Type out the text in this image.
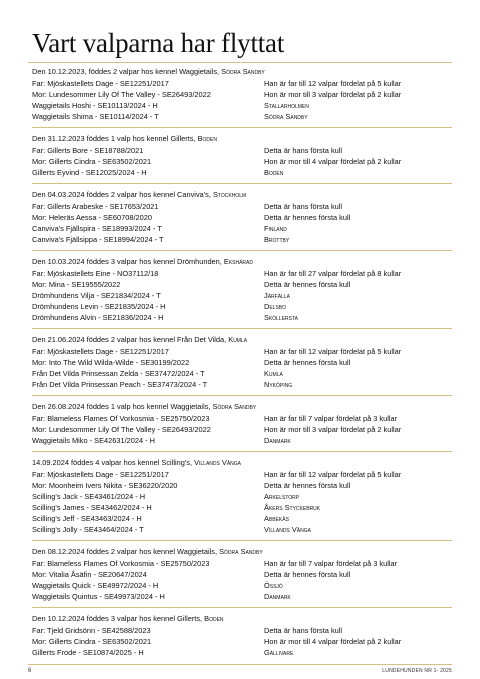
Vart valparna har flyttat
Den 10.12.2023, föddes 2 valpar hos kennel Waggietails, Södra Sandby
Far: Mjöskastellets Dage - SE12251/2017	Han är far till 12 valpar fördelat på 5 kullar
Mor: Lundesommer Lily Of The Valley - SE26493/2022	Hon är mor till 3 valpar fördelat på 2 kullar
Waggietails Hoshi - SE10113/2024 - H	Stallarholmen
Waggietails Shima - SE10114/2024 - T	Södra Sandby
Den 31.12.2023 föddes 1 valp hos kennel Gillerts, Boden
Far: Gillerts Bore - SE18788/2021	Detta är hans första kull
Mor: Gillerts Cindra - SE63502/2021	Hon är mor till 4 valpar fördelat på 2 kullar
Gillerts Eyvind - SE12025/2024 - H	Boden
Den 04.03.2024 föddes 2 valpar hos kennel Canviva's, Stockholm
Far: Gillerts Arabeske - SE17653/2021	Detta är hans första kull
Mor: Heleräs Aessa - SE60708/2020	Detta är hennes första kull
Canviva's Fjällspira - SE18993/2024 - T	Finland
Canviva's Fjällsippa - SE18994/2024 - T	Brottby
Den 10.03.2024 föddes 3 valpar hos kennel Drömhunden, Ekshärad
Far: Mjöskastellets Eine - NO37112/18	Han är far till 27 valpar fördelat på 8 kullar
Mor: Mina - SE19555/2022	Detta är hennes första kull
Drömhundens Vilja - SE21834/2024 - T	Järfälla
Drömhundens Levin - SE21835/2024 - H	Delsbo
Drömhundens Alvin - SE21836/2024 - H	Sköllersta
Den 21.06.2024 föddes 2 valpar hos kennel Från Det Vilda, Kumla
Far: Mjöskastellets Dage - SE12251/2017	Han är far till 12 valpar fördelat på 5 kullar
Mor: Into The Wild Wilda-Wilde - SE30199/2022	Detta är hennes första kull
Från Det Vilda Prinsessan Zelda - SE37472/2024 - T	Kumla
Från Det Vilda Prinsessan Peach - SE37473/2024 - T	Nyköping
Den 26.08.2024 föddes 1 valp hos kennel Waggietails, Södra Sandby
Far: Blameless Flames Of Vorkosmia - SE25750/2023	Han är far till 7 valpar fördelat på 3 kullar
Mor: Lundesommer Lily Of The Valley - SE26493/2022	Hon är mor till 3 valpar fördelat på 2 kullar
Waggietails Miko - SE42631/2024 - H	Danmark
14.09.2024 föddes 4 valpar hos kennel Scilling's, Villands Vånga
Far: Mjöskastellets Dage - SE12251/2017	Han är far till 12 valpar fördelat på 5 kullar
Mor: Moonheim Ivers Nikita - SE36220/2020	Detta är hennes första kull
Scilling's Jack - SE43461/2024 - H	Arkelstorp
Scilling's James - SE43462/2024 - H	Åkers Styckebruk
Scilling's Jeff - SE43463/2024 - H	Abbekås
Scilling's Jolly - SE43464/2024 - T	Villands Vånga
Den 08.12.2024 föddes 2 valpar hos kennel Waggietails, Södra Sandby
Far: Blameless Flames Of Vorkosmia - SE25750/2023	Han är far till 7 valpar fördelat på 3 kullar
Mor: Vitalia Åsäfin - SE20647/2024	Detta är hennes första kull
Waggietails Quick - SE49972/2024 - H	Össjö
Waggietails Quintus - SE49973/2024 - H	Danmark
Den 10.12.2024 föddes 3 valpar hos kennel Gillerts, Boden
Far: Tjeld Gridsönn - SE42588/2023	Detta är hans första kull
Mor: Gillerts Cindra - SE63502/2021	Hon är mor till 4 valpar fördelat på 2 kullar
Gillerts Frode - SE10874/2025 - H	Gällivare
6	LUNDEHUNDEN NR 1- 2025
